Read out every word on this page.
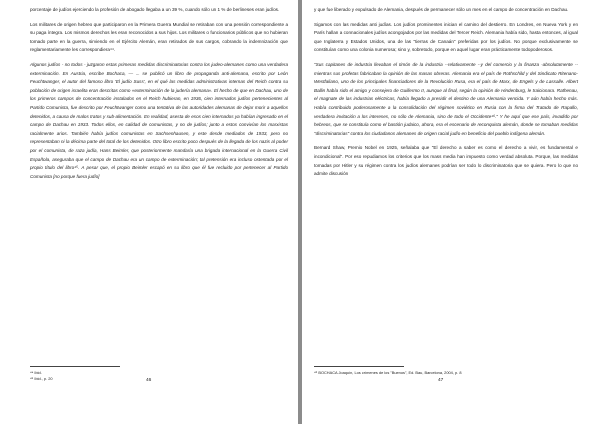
porcentaje de judíos ejerciendo la profesión de abogado llegaba a un 39 %, cuando sólo un 1 % de berlineses eran judíos.

Los militares de origen hebreo que participaron en la Primera Guerra Mundial se retiraban con una pensión correspondiente a su paga íntegra. Los mismos derechos les eran reconocidos a sus hijos. Los militares o funcionarios públicos que no hubieran tomado parte en la guerra, sirviendo en el Ejército Alemán, eran retirados de sus cargos, cobrando la indemnización que reglamentariamente les correspondiera⁴⁴.

Algunos judíos - no todos - juzgaron estas primeras medidas discriminatorias contra los judeo-alemanes como una verdadera exterminación. En Austria, escribe Bochaca, — ... se publicó un libro de propaganda anti-alemana, escrito por León Feuchtwanger, el autor del famoso libro 'El judío Suss', en el qué las medidas administrativas internas del Reich contra su población de origen israelita eran descritas como «exterminación de la judería alemana». El hecho de que en Dachau, uno de los primeros campos de concentración instalados en el Reich hubieran, en 1936, cien internados judíos pertenecientes al Partido Comunista, fue descrito por Feuchtwanger como una tentativa de las autoridades alemanas de dejar morir a aquellos detenidos, a causa de malos tratos y sub-alimentación. En realidad, asesta de esos cien internados ya habían ingresado en el campo de Dachau en 1933. Todos ellos, en calidad de comunistas, y no de judíos; junto a estos convivían los marxistas racialmente arios. También había judíos comunistas en Sachsenhausen, y este desde mediados de 1933, pero no representaban ni la décima parte del total de los detenidos. Otro libro escrito poco después de la llegada de los nazis al poder por el comunista, de raza judía, Hans Beimler, que posteriormente mandaría una brigada internacional en la Guerra Civil Española, aseguraba que el campo de Dachau era un campo de exterminación; tal pretensión era incluso ostentada por el propio título del libro⁴⁵. A pesar que, el propio Beimler escapó en su libro que él fue recluido por pertenecer al Partido Comunista [no porque fuera judío]

⁴⁴ Ibid.

⁴⁵ Ibid., p. 20	46

y que fue liberado y expulsado de Alemania, después de permanecer sólo un mes en el campo de concentración en Dachau.

Sigamos con las medidas anti judías. Los judíos prominentes inician el camino del destierro. En Londres, en Nueva York y en París hallan a connacionales judíos acongojados por las medidas del Tercer Reich. Alemania había sido, hasta entonces, al igual que Inglaterra y Estados Unidos, una de las "tierras de Canaán" preferidas por los judíos. No porque exclusivamente se constituían como una colonia numerosa; sino y, sobretodo, porque en aquel lugar eran prácticamente todopoderosos.

"Sus capitanes de industria llevaban el timón de la industria --relativamente --y del comercio y la finanza -absolutamente --mientras sus profetas fabricaban la opinión de las masas obreras. Alemania era el país de Rothschild y del Sindicato Ritenano-Westfaliano, uno de los principales financiadores de la Revolución Rusa, era el país de Marx, de Engels y de Lassalle. Albert Ballin había sido el amigo y consejero de Guillermo II, aunque al final, según la opinión de Hindenburg, le traicionara. Rathenau, el magnate de las industrias eléctricas, había llegado a presidir el destino de una Alemania vencida. Y aún había hecho más. Había contribuido poderosamente a la consolidación del régimen soviético en Rusia con la firma del Tratado de Rapallo, verdadera invitación a los intereses, no sólo de Alemania, sino de todo el Occidente⁴⁶." Y he aquí que ese país, invadido por hebreos, que se constituía como el bastión judaico, ahora, era el escenario de reconquista alemán, donde se tomaban medidas "discriminatorias" contra los ciudadanos alemanes de origen racial judío en beneficio del pueblo indígena alemán.

Bernard Shaw, Premio Nobel en 1925, señalaba que "El derecho a saber es como el derecho a vivir, es fundamental e incondicional". Por eso repudiamos los criterios que los mass media han impuesto como verdad absoluta. Porque, las medidas tomadas por Hitler y su régimen contra los judíos alemanes podrían ser todo lo discriminatoria que se quiera. Pero lo que no admite discusión

⁴⁶ BOCHACA Joaquín, Los crímenes de los "Buenos", Ed. Bau, Barcelona, 2004, p. 8

47
